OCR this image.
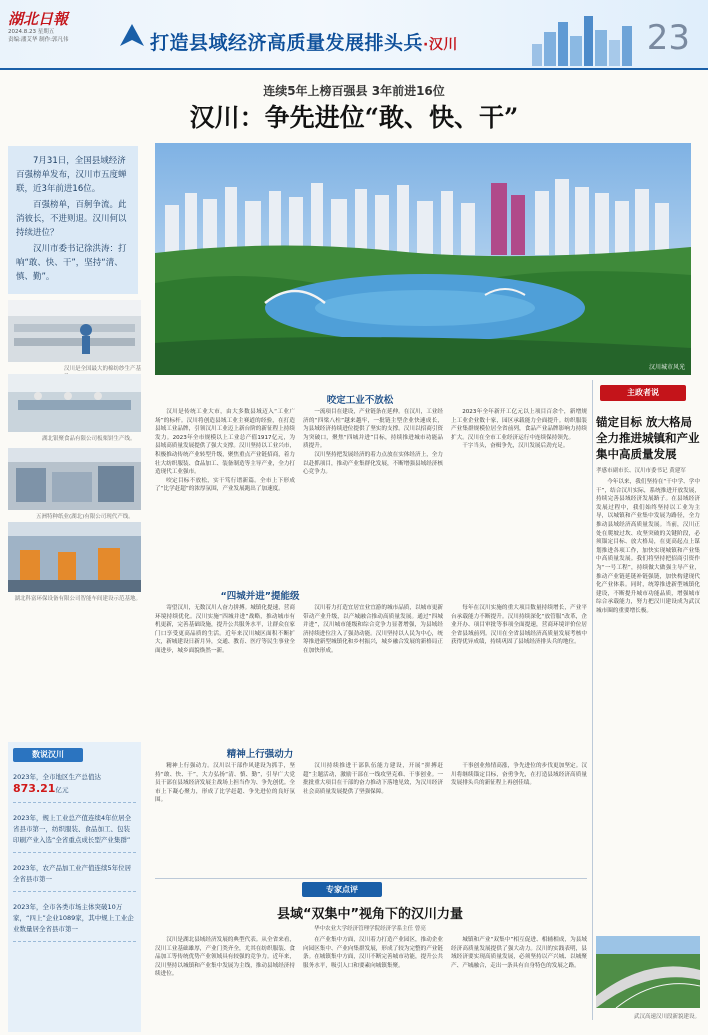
湖北日報
2024.8.23 星期五
责编:潘艾华 制作:郭凡伟	打造县域经济高质量发展排头兵·汉川	23
连续5年上榜百强县 3年前进16位
汉川：争先进位“敢、快、干”

7月31日，全国县域经济百强榜单发布，汉川市五度蝉联，近3年前进16位。

百强榜单，百舸争流。此消彼长，不进则退。汉川何以持续进位？

汉川市委书记徐洪涛：打响“敢、快、干”，坚持“清、慎、勤”。

汉川是全国最大的棉纺纱生产基
湖北银聚食品有限公司板栗饼生产线。
五洲特种纸业(湖北)有限公司现代产线。
湖北科富环保设备有限公司智能车间建设示范基地。
汉川城市风光
咬定工业不放松

汉川是传统工业大市，由大多数县域迈入“工业广场”的标杆。汉川将创造县域工业主赛道的经验，在打造县域工业品牌，引领汉川工业迈上新台阶的新征程上持续发力。2023年全市规模以上工业总产值1917亿元，为县域高质量发展提供了强大支撑。汉川坚持以工业兴市，积极推动传统产业转型升级，聚焦重点产业链招商，着力壮大纺织服装、食品加工、装备制造等主导产业，全力打造现代工业强市。

咬定目标不放松，实干笃行谱新篇。全市上下形成了“比学赶超”的浓厚氛围，产业发展跑出了加速度。

一流项目在建设，产业链条在延伸。在汉川，工业经济的“四梁八柱”越来越牢，一批链主型企业快速成长，为县域经济持续进位提供了坚实的支撑。汉川以招商引资为突破口，聚焦“四城并进”目标，持续推进城市功能品质提升。

汉川坚持把发展经济的着力点放在实体经济上，全力以赴抓项目，推动产业集群化发展，不断增强县域经济核心竞争力。

2023年全年新开工亿元以上项目百余个，新增规上工业企业数十家，园区承载能力全面提升。纺织服装产业集群规模位居全省前列，食品产业品牌影响力持续扩大。汉川在全市工业经济运行中连续保持领先。

干字当头，奋楫争先，汉川发展后劲充足。

“四城并进”提能级

寄望汉川，无数汉川人奋力拼搏。城镇化提速，营商环境持续优化。汉川实施“四城并进”战略，推动城市有机更新，完善基础设施，提升公共服务水平，让群众在家门口享受更高品质的生活。近年来汉川城区面积不断扩大，新城建设日新月异，交通、教育、医疗等民生事业全面进步，城乡面貌焕然一新。

汉川着力打造宜居宜业宜游的城市品质，以城市更新带动产业升级，以产城融合推动高质量发展。通过“四城并进”，汉川城市能级和综合竞争力显著增强，为县域经济持续进位注入了强劲动能。汉川坚持以人民为中心，统筹推进新型城镇化和乡村振兴，城乡融合发展的新格局正在加快形成。

每年在汉川实施的重大项目数量持续增长，产业平台承载能力不断提升。汉川持续深化“放管服”改革，企业开办、项目审批等事项全面提速，营商环境评价位居全省县域前列。汉川在全省县域经济高质量发展考核中获得优异成绩，持续巩固了县域经济排头兵的地位。

精神上行强动力

精神上行强动力。汉川以干部作风建设为抓手，坚持“敢、快、干”，大力弘扬“清、慎、勤”，引导广大党员干部在县域经济发展主战场上担当作为、争先创优。全市上下凝心聚力，形成了比学赶超、争先进位的良好氛围。

汉川持续推进干部队伍能力建设，开展“拼搏赶超”主题活动，激励干部在一线攻坚克难、干事创业。一批批重大项目在干部的奋力推动下落地见效，为汉川经济社会高质量发展提供了坚强保障。

干事创业热情高涨，争先进位的步伐更加坚定。汉川将继续锚定目标，奋勇争先，在打造县域经济高质量发展排头兵的新征程上再创佳绩。

主政者说
锚定目标 放大格局 全力推进城镇和产业集中高质量发展
孝感市副市长、汉川市委书记 黄建军

今年以来，我们坚持在“干中学、学中干”，结合汉川实际，系统推进开放发展，持续完善县域经济发展路子。在县域经济发展过程中，我们始终坚持以工业为主导，以城镇和产业集中发展为路径，全力推动县域经济高质量发展。当前，汉川正处在爬坡过坎、攻坚突破的关键阶段，必须锚定目标、放大格局，在更高起点上谋划推进各项工作，加快实现城镇和产业集中高质量发展。我们将坚持把招商引资作为“一号工程”，持续做大做强主导产业，推动产业链延链补链强链，加快构建现代化产业体系。同时，统筹推进新型城镇化建设，不断提升城市功能品质，增强城市综合承载能力，努力把汉川建设成为武汉城市圈的重要增长极。

武汉高速汉川段新貌建设。
数说汉川
2023年，全市地区生产总值达 873.21亿元
2023年，规上工业总产值连续4年位居全省县市第一，纺织服装、食品加工、包装印刷产业入选“全省重点成长型产业集群”
2023年，农产品加工业产值连续5年位居全省县市第一
2023年，全市各类市场主体突破10万家，“四上”企业1089家，其中规上工业企业数量居全省县市第一
专家点评
县域“双集中”视角下的汉川力量
华中农业大学经济管理学院经济学系主任 曾亮

汉川是湖北县域经济发展的典型代表。从全省来看，汉川工业基础雄厚，产业门类齐全，尤其在纺织服装、食品加工等传统优势产业领域具有较强的竞争力。近年来，汉川坚持以城镇和产业集中发展为主线，推动县域经济持续进位。

在产业集中方面，汉川着力打造产业园区，推动企业向园区集中、产业向集群发展，形成了较为完整的产业链条。在城镇集中方面，汉川不断完善城市功能，提升公共服务水平，吸引人口和要素向城镇集聚。

城镇和产业“双集中”相互促进、相辅相成，为县域经济高质量发展提供了强大动力。汉川的实践表明，县域经济要实现高质量发展，必须坚持以产兴城、以城聚产、产城融合，走出一条具有自身特色的发展之路。
